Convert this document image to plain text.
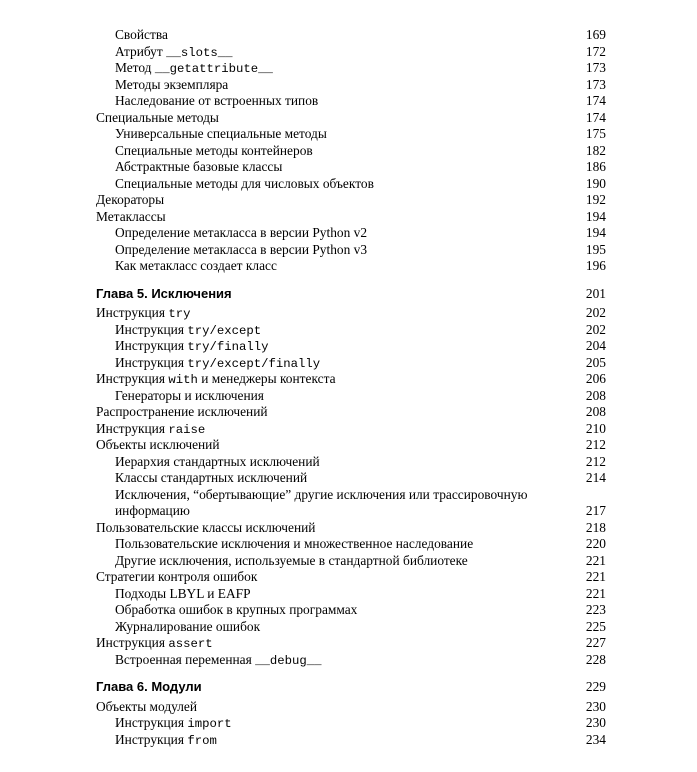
Свойства	169
Атрибут __slots__	172
Метод __getattribute__	173
Методы экземпляра	173
Наследование от встроенных типов	174
Специальные методы	174
Универсальные специальные методы	175
Специальные методы контейнеров	182
Абстрактные базовые классы	186
Специальные методы для числовых объектов	190
Декораторы	192
Метаклассы	194
Определение метакласса в версии Python v2	194
Определение метакласса в версии Python v3	195
Как метакласс создает класс	196
Глава 5. Исключения	201
Инструкция try	202
Инструкция try/except	202
Инструкция try/finally	204
Инструкция try/except/finally	205
Инструкция with и менеджеры контекста	206
Генераторы и исключения	208
Распространение исключений	208
Инструкция raise	210
Объекты исключений	212
Иерархия стандартных исключений	212
Классы стандартных исключений	214
Исключения, “обертывающие” другие исключения или трассировочную
информацию	217
Пользовательские классы исключений	218
Пользовательские исключения и множественное наследование	220
Другие исключения, используемые в стандартной библиотеке	221
Стратегии контроля ошибок	221
Подходы LBYL и EAFP	221
Обработка ошибок в крупных программах	223
Журналирование ошибок	225
Инструкция assert	227
Встроенная переменная __debug__	228
Глава 6. Модули	229
Объекты модулей	230
Инструкция import	230
Инструкция from	234
